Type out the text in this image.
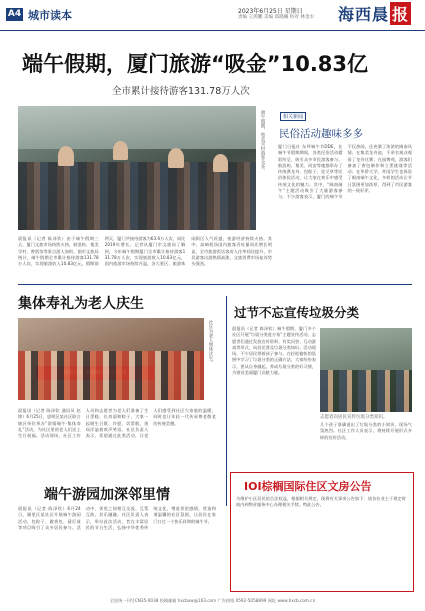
A4 城市读本	2023年6月25日 星期日
责编 王鸿鹏 美编 郑晓曦 校对 林金水 海西晨 报
端午假期，厦门旅游“吸金”10.83亿
全市累计接待游客131.78万人次
端午假期，集美学村游客众多。
晨报讯（记者 陈泽钦）由于端午假期三天，厦门文旅市场持续火热，鼓浪屿、集美学村、曾厝垵等景点游人如织。据市文旅局统计，端午假期全市累计接待游客131.78万人次，实现旅游收入10.83亿元。假期前两天，厦门共接待游客为63.6万人次，同比2019年增长。记者从厦门市文旅局了解到，今年端午假期厦门全市累计接待游客131.78万人次，实现旅游收入10.83亿元，国内旅游市场持续升温，各大景区、旅游休闲街区人气旺盛，夜游经济持续火热。其中，高崎机场国内旅客吞吐量同比增长明显，全市旅游饭店客房入住率同比提升，市民游客出游热情高涨，文旅消费市场复苏势头强劲。
相关新闻
民俗活动趣味多多
厦门日报社 东坪端午节DDE，在端午节假期期间，各类民俗活动精彩纷呈，吸引众多市民游客参与。鼓浪屿、集美、同安等地都举办了传统赛龙舟、包粽子、挂艾草等民俗体验活动，让大家在欢乐中感受传统文化的魅力。其中，“闽南端午”主题活动吸引了大量游客参与，不少游客表示，厦门的端午节不仅热闹，还充满了浓浓的闽南风情。在集美龙舟池，千余名观众观看了龙舟比赛；在园博苑，游客们参加了香包制作和立蛋挑战等活动；在华侨大学，外国学生也体验了闽南端午文化，多样的活动让节日氛围更加浓厚，得到了市民游客的一致好评。
集体寿礼为老人庆生
社区为老人集体庆生。
晨报讯（记者 陈泽钦 通讯员 赵锦）6月25日，思明区某社区联合辖区单位举办“浓情端午·集体寿礼”活动，为社区里的老人们送上生日祝福。活动现场，社区工作人员和志愿者为老人们准备了生日蛋糕、长寿面和粽子，大家一起唱生日歌、许愿、切蛋糕，现场洋溢着欢声笑语。社区负责人表示，希望通过此类活动，让老人们感受到社区大家庭的温暖，同时也让年轻一代传承尊老敬老的传统美德。
过节不忘宣传垃圾分类
晨报讯（记者 陈泽钦）端午假期，厦门多个社区开展“垃圾分类进万家”主题宣传活动。志愿者们通过发放宣传资料、有奖问答、互动游戏等形式，向居民普及垃圾分类知识。活动现场，不少居民带着孩子参与，在轻松愉快的氛围中学习了垃圾分类的正确方法，大家纷纷表示，要从自身做起，养成垃圾分类的好习惯，为建设美丽厦门贡献力量。
志愿者向居民宣传垃圾分类知识。
几个孩子准确说出了垃圾分类的小知识，现场气氛热烈。社区工作人员表示，将持续开展形式多样的宣传活动。
端午游园加深邻里情
晨报讯（记者 陈泽钦）6月24日，湖里区某社区开展端午游园活动，包粽子、做香包、猜灯谜等项目吸引了众多居民参与。活动中，邻里之间相互交流、互帮互助，其乐融融。社区负责人表示，举办此次活动，旨在丰富居民的节日生活，弘扬中华优秀传统文化，增进邻里感情，营造和谐温馨的社区氛围，让居民在家门口过一个快乐祥和的端午节。
IOI棕榈国际住区文房公告
为维护小区居民的合法权益，根据相关规定，现将有关事项公告如下：请各位业主于规定时间内到物业服务中心办理相关手续。特此公告。
全国统一刊号CN35-0038 投稿邮箱 hxcbxw@163.com 广告热线 0592-5058899 网址 www.hxcb.com.cn
